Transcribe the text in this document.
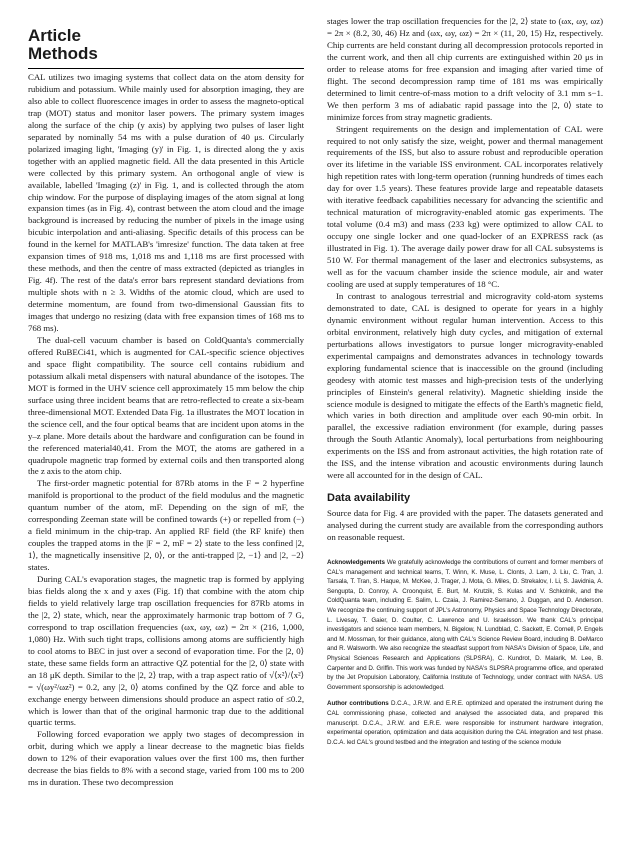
Article
Methods

CAL utilizes two imaging systems that collect data on the atom density for rubidium and potassium. While mainly used for absorption imaging, they are also able to collect fluorescence images in order to assess the magneto-optical trap (MOT) status and monitor laser powers. The primary system images along the surface of the chip (y axis) by applying two pulses of laser light separated by nominally 54 ms with a pulse duration of 40 μs. Circularly polarized imaging light, 'Imaging (y)' in Fig. 1, is directed along the y axis together with an applied magnetic field. All the data presented in this Article were collected by this primary system. An orthogonal angle of view is available, labelled 'Imaging (z)' in Fig. 1, and is collected through the atom chip window. For the purpose of displaying images of the atom signal at long expansion times (as in Fig. 4), contrast between the atom cloud and the image background is increased by reducing the number of pixels in the image using bicubic interpolation and anti-aliasing. Specific details of this process can be found in the kernel for MATLAB's 'imresize' function. The data taken at free expansion times of 918 ms, 1,018 ms and 1,118 ms are first processed with these methods, and then the centre of mass extracted (depicted as triangles in Fig. 4f). The rest of the data's error bars represent standard deviations from multiple shots with n ≥ 3. Widths of the atomic cloud, which are used to determine momentum, are found from two-dimensional Gaussian fits to images that undergo no resizing (data with free expansion times of 168 ms to 768 ms).

The dual-cell vacuum chamber is based on ColdQuanta's commercially offered RuBECi41, which is augmented for CAL-specific science objectives and space flight compatibility. The source cell contains rubidium and potassium alkali metal dispensers with natural abundance of the isotopes. The MOT is formed in the UHV science cell approximately 15 mm below the chip surface using three incident beams that are retro-reflected to create a six-beam three-dimensional MOT. Extended Data Fig. 1a illustrates the MOT location in the science cell, and the four optical beams that are incident upon atoms in the y–z plane. More details about the hardware and configuration can be found in the referenced material40,41. From the MOT, the atoms are gathered in a quadrupole magnetic trap formed by external coils and then transported along the z axis to the atom chip.

The first-order magnetic potential for 87Rb atoms in the F = 2 hyperfine manifold is proportional to the product of the field modulus and the magnetic quantum number of the atom, mF. Depending on the sign of mF, the corresponding Zeeman state will be confined towards (+) or repelled from (−) a field minimum in the chip-trap. An applied RF field (the RF knife) then couples the trapped atoms in the |F = 2, mF = 2⟩ state to the less confined |2, 1⟩, the magnetically insensitive |2, 0⟩, or the anti-trapped |2, −1⟩ and |2, −2⟩ states.

During CAL's evaporation stages, the magnetic trap is formed by applying bias fields along the x and y axes (Fig. 1f) that combine with the atom chip fields to yield relatively large trap oscillation frequencies for 87Rb atoms in the |2, 2⟩ state, which, near the approximately harmonic trap bottom of 7 G, correspond to trap oscillation frequencies (ωx, ωy, ωz) = 2π × (216, 1,000, 1,080) Hz. With such tight traps, collisions among atoms are sufficiently high to cool atoms to BEC in just over a second of evaporation time. For the |2, 0⟩ state, these same fields form an attractive QZ potential for the |2, 0⟩ state with an 18 μK depth. Similar to the |2, 2⟩ trap, with a trap aspect ratio of √⟨x²⟩/⟨x²⟩ = √(ωy²/ωz²) = 0.2, any |2, 0⟩ atoms confined by the QZ force and able to exchange energy between dimensions should produce an aspect ratio of ≤0.2, which is lower than that of the original harmonic trap due to the additional quartic terms.

Following forced evaporation we apply two stages of decompression in orbit, during which we apply a linear decrease to the magnetic bias fields down to 12% of their evaporation values over the first 100 ms, then further decrease the bias fields to 8% with a second stage, varied from 100 ms to 200 ms in duration. These two decompression

stages lower the trap oscillation frequencies for the |2, 2⟩ state to (ωx, ωy, ωz) = 2π × (8.2, 30, 46) Hz and (ωx, ωy, ωz) = 2π × (11, 20, 15) Hz, respectively. Chip currents are held constant during all decompression protocols reported in the current work, and then all chip currents are extinguished within 20 μs in order to release atoms for free expansion and imaging after varied time of flight. The second decompression ramp time of 181 ms was empirically determined to limit centre-of-mass motion to a drift velocity of 3.1 mm s−1. We then perform 3 ms of adiabatic rapid passage into the |2, 0⟩ state to minimize forces from stray magnetic gradients.

Stringent requirements on the design and implementation of CAL were required to not only satisfy the size, weight, power and thermal management requirements of the ISS, but also to assure robust and reproducible operation over its lifetime in the variable ISS environment. CAL incorporates relatively high repetition rates with long-term operation (running hundreds of times each day for over 1.5 years). These features provide large and repeatable datasets with iterative feedback capabilities necessary for advancing the scientific and technical maturation of microgravity-enabled atomic gas experiments. The total volume (0.4 m3) and mass (233 kg) were optimized to allow CAL to occupy one single locker and one quad-locker of an EXPRESS rack (as illustrated in Fig. 1). The average daily power draw for all CAL subsystems is 510 W. For thermal management of the laser and electronics subsystems, as well as for the vacuum chamber inside the science module, air and water cooling are used at supply temperatures of 18 °C.

In contrast to analogous terrestrial and microgravity cold-atom systems demonstrated to date, CAL is designed to operate for years in a highly dynamic environment without regular human intervention. Access to this orbital environment, relatively high duty cycles, and mitigation of external perturbations allows investigators to pursue longer microgravity-enabled experimental campaigns and demonstrates advances in technology towards exploring fundamental science that is inaccessible on the ground (including geodesy with atomic test masses and high-precision tests of the underlying principles of Einstein's general relativity). Magnetic shielding inside the science module is designed to mitigate the effects of the Earth's magnetic field, which varies in both direction and amplitude over each 90-min orbit. In parallel, the excessive radiation environment (for example, during passes through the South Atlantic Anomaly), local perturbations from neighbouring experiments on the ISS and from astronaut activities, the high rotation rate of the ISS, and the intense vibration and acoustic environments during launch were all accounted for in the design of CAL.

Data availability

Source data for Fig. 4 are provided with the paper. The datasets generated and analysed during the current study are available from the corresponding authors on reasonable request.

Acknowledgements We gratefully acknowledge the contributions of current and former members of CAL's management and technical teams, T. Winn, K. Muse, L. Clonts, J. Lam, J. Liu, C. Tran, J. Tarsala, T. Tran, S. Haque, M. McKee, J. Trager, J. Mota, G. Miles, D. Strekalov, I. Li, S. Javidnia, A. Sengupta, D. Conroy, A. Croonquist, E. Burt, M. Krutzik, S. Kulas and V. Schkolnik, and the ColdQuanta team, including E. Salim, L. Czaia, J. Ramirez-Serrano, J. Duggan, and D. Anderson. We recognize the continuing support of JPL's Astronomy, Physics and Space Technology Directorate, L. Livesay, T. Gaier, D. Coulter, C. Lawrence and U. Israelsson. We thank CAL's principal investigators and science team members, N. Bigelow, N. Lundblad, C. Sackett, E. Cornell, P. Engels and M. Mossman, for their guidance, along with CAL's Science Review Board, including B. DeMarco and R. Walsworth. We also recognize the steadfast support from NASA's Division of Space, Life, and Physical Sciences Research and Applications (SLPSRA), C. Kundrot, D. Malarik, M. Lee, B. Carpenter and D. Griffin. This work was funded by NASA's SLPSRA programme office, and operated by the Jet Propulsion Laboratory, California Institute of Technology, under contract with NASA. US Government sponsorship is acknowledged.

Author contributions D.C.A., J.R.W. and E.R.E. optimized and operated the instrument during the CAL commissioning phase, collected and analysed the associated data, and prepared this manuscript. D.C.A., J.R.W. and E.R.E. were responsible for instrument hardware integration, experimental operation, optimization and data acquisition during the CAL integration and test phase. D.C.A. led CAL's ground testbed and the integration and testing of the science module
